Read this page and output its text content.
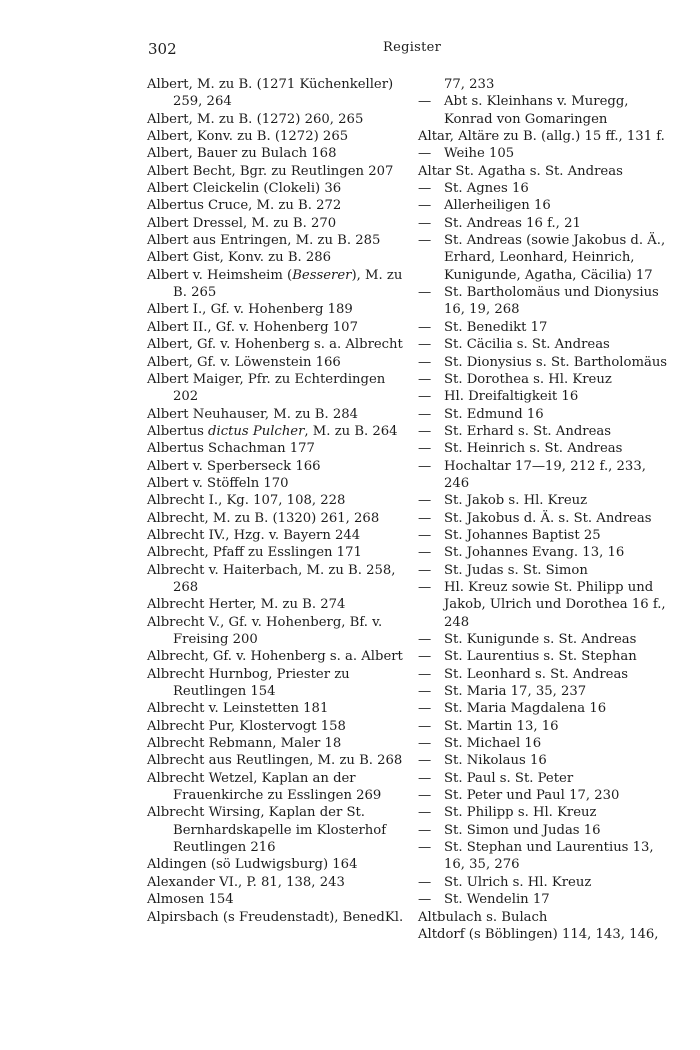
302	Register
Albert, M. zu B. (1271 Küchenkeller) 259, 264
Albert, M. zu B. (1272) 260, 265
Albert, Konv. zu B. (1272) 265
Albert, Bauer zu Bulach 168
Albert Becht, Bgr. zu Reutlingen 207
Albert Cleickelin (Clokeli) 36
Albertus Cruce, M. zu B. 272
Albert Dressel, M. zu B. 270
Albert aus Entringen, M. zu B. 285
Albert Gist, Konv. zu B. 286
Albert v. Heimsheim (Besserer), M. zu B. 265
Albert I., Gf. v. Hohenberg 189
Albert II., Gf. v. Hohenberg 107
Albert, Gf. v. Hohenberg s. a. Albrecht
Albert, Gf. v. Löwenstein 166
Albert Maiger, Pfr. zu Echterdingen 202
Albert Neuhauser, M. zu B. 284
Albertus dictus Pulcher, M. zu B. 264
Albertus Schachman 177
Albert v. Sperberseck 166
Albert v. Stöffeln 170
Albrecht I., Kg. 107, 108, 228
Albrecht, M. zu B. (1320) 261, 268
Albrecht IV., Hzg. v. Bayern 244
Albrecht, Pfaff zu Esslingen 171
Albrecht v. Haiterbach, M. zu B. 258, 268
Albrecht Herter, M. zu B. 274
Albrecht V., Gf. v. Hohenberg, Bf. v. Freising 200
Albrecht, Gf. v. Hohenberg s. a. Albert
Albrecht Hurnbog, Priester zu Reutlingen 154
Albrecht v. Leinstetten 181
Albrecht Pur, Klostervogt 158
Albrecht Rebmann, Maler 18
Albrecht aus Reutlingen, M. zu B. 268
Albrecht Wetzel, Kaplan an der Frauenkirche zu Esslingen 269
Albrecht Wirsing, Kaplan der St. Bernhardskapelle im Klosterhof Reutlingen 216
Aldingen (sö Ludwigsburg) 164
Alexander VI., P. 81, 138, 243
Almosen 154
Alpirsbach (s Freudenstadt), BenedKl.
77, 233
— Abt s. Kleinhans v. Muregg, Konrad von Gomaringen
Altar, Altäre zu B. (allg.) 15 ff., 131 f.
— Weihe 105
Altar St. Agatha s. St. Andreas
— St. Agnes 16
— Allerheiligen 16
— St. Andreas 16 f., 21
— St. Andreas (sowie Jakobus d. Ä., Erhard, Leonhard, Heinrich, Kunigunde, Agatha, Cäcilia) 17
— St. Bartholomäus und Dionysius 16, 19, 268
— St. Benedikt 17
— St. Cäcilia s. St. Andreas
— St. Dionysius s. St. Bartholomäus
— St. Dorothea s. Hl. Kreuz
— Hl. Dreifaltigkeit 16
— St. Edmund 16
— St. Erhard s. St. Andreas
— St. Heinrich s. St. Andreas
— Hochaltar 17—19, 212 f., 233, 246
— St. Jakob s. Hl. Kreuz
— St. Jakobus d. Ä. s. St. Andreas
— St. Johannes Baptist 25
— St. Johannes Evang. 13, 16
— St. Judas s. St. Simon
— Hl. Kreuz sowie St. Philipp und Jakob, Ulrich und Dorothea 16 f., 248
— St. Kunigunde s. St. Andreas
— St. Laurentius s. St. Stephan
— St. Leonhard s. St. Andreas
— St. Maria 17, 35, 237
— St. Maria Magdalena 16
— St. Martin 13, 16
— St. Michael 16
— St. Nikolaus 16
— St. Paul s. St. Peter
— St. Peter und Paul 17, 230
— St. Philipp s. Hl. Kreuz
— St. Simon und Judas 16
— St. Stephan und Laurentius 13, 16, 35, 276
— St. Ulrich s. Hl. Kreuz
— St. Wendelin 17
Altbulach s. Bulach
Altdorf (s Böblingen) 114, 143, 146,
